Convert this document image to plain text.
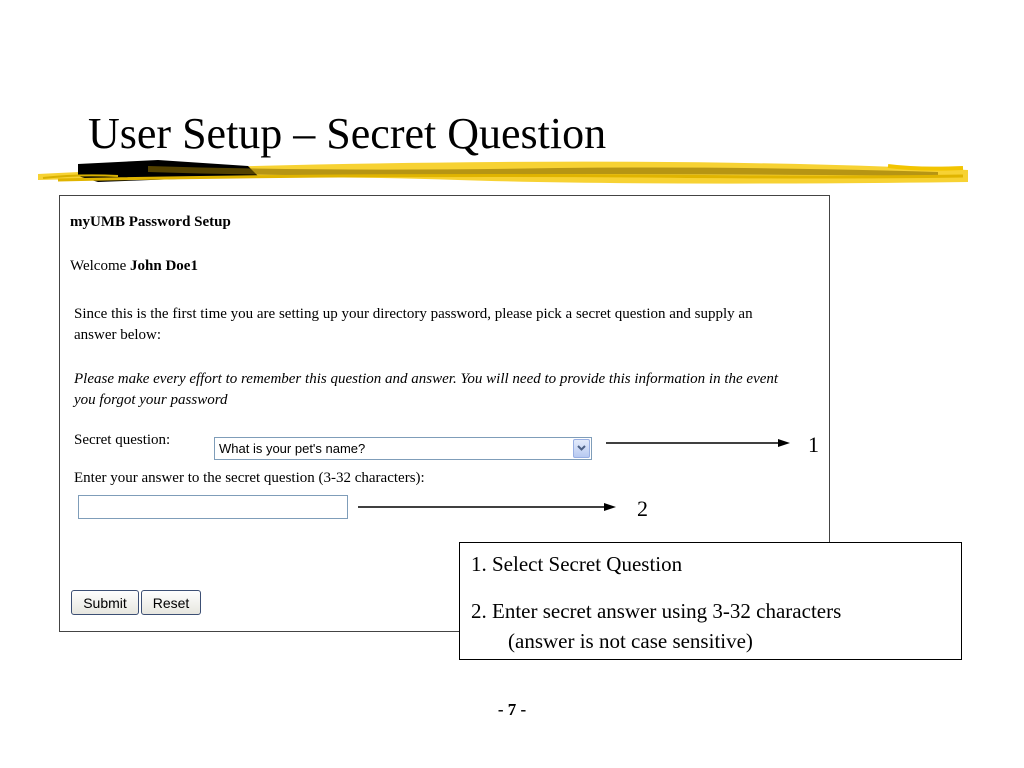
User Setup – Secret Question
myUMB Password Setup
Welcome John Doe1
Since this is the first time you are setting up your directory password, please pick a secret question and supply an answer below:
Please make every effort to remember this question and answer. You will need to provide this information in the event you forgot your password
Secret question:
What is your pet's name?
Enter your answer to the secret question (3-32 characters):
Submit	Reset
1
2
1. Select Secret Question
2. Enter secret answer using 3-32 characters
(answer is not case sensitive)
- 7 -
